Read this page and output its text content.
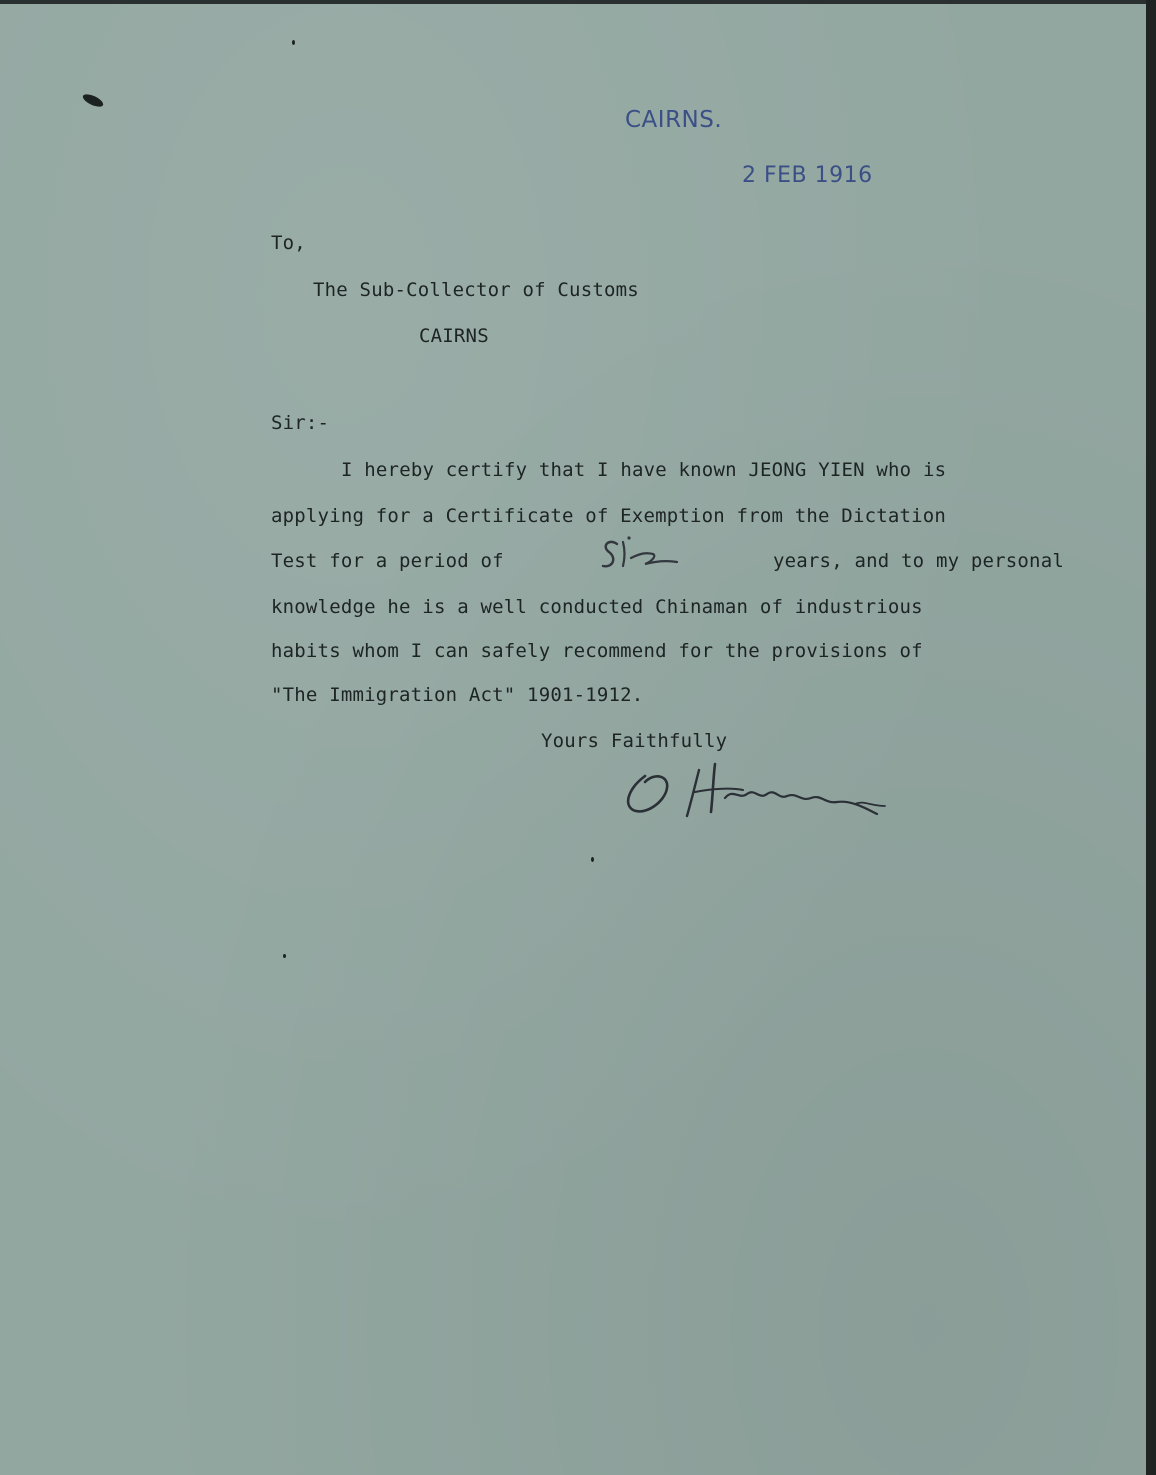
CAIRNS.
2 FEB 1916
To,
The Sub-Collector of Customs
CAIRNS
Sir:-
I hereby certify that I have known JEONG YIEN who is
applying for a Certificate of Exemption from the Dictation
Test for a period of	years, and to my personal
knowledge he is a well conducted Chinaman of industrious
habits whom I can safely recommend for the provisions of
"The Immigration Act" 1901-1912.
Yours Faithfully
